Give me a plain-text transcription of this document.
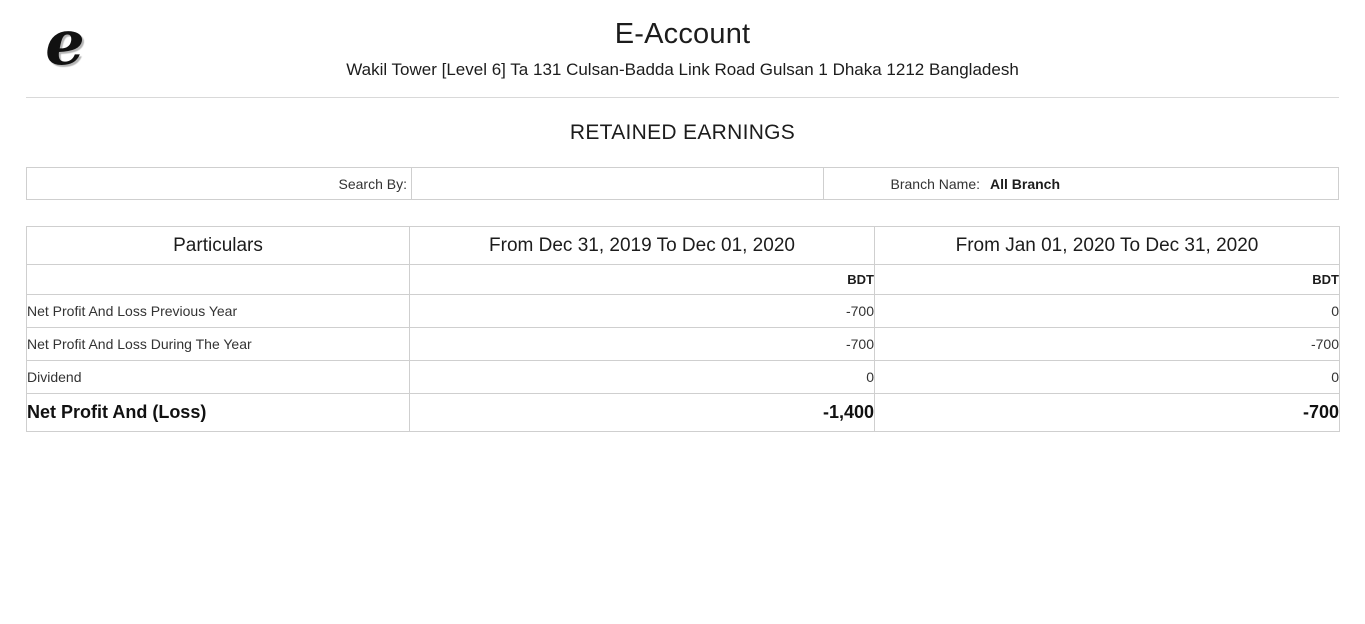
e	E-Account
Wakil Tower [Level 6] Ta 131 Culsan-Badda Link Road Gulsan 1 Dhaka 1212 Bangladesh
RETAINED EARNINGS
Search By:	Branch Name: All Branch
Particulars	From Dec 31, 2019 To Dec 01, 2020	From Jan 01, 2020 To Dec 31, 2020
	BDT	BDT
Net Profit And Loss Previous Year	-700	0
Net Profit And Loss During The Year	-700	-700
Dividend	0	0
Net Profit And (Loss)	-1,400	-700
